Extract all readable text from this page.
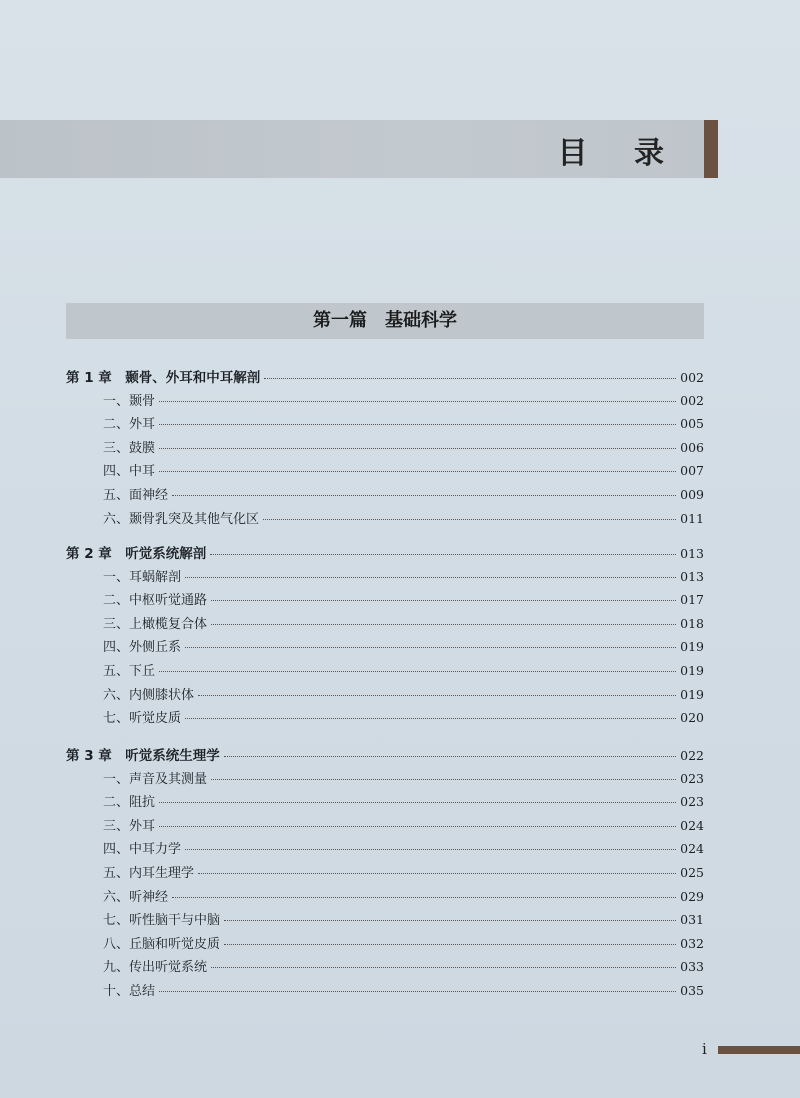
目 录
第一篇　基础科学
第 1 章　颞骨、外耳和中耳解剖	002
一、颞骨	002
二、外耳	005
三、鼓膜	006
四、中耳	007
五、面神经	009
六、颞骨乳突及其他气化区	011
第 2 章　听觉系统解剖	013
一、耳蜗解剖	013
二、中枢听觉通路	017
三、上橄榄复合体	018
四、外侧丘系	019
五、下丘	019
六、内侧膝状体	019
七、听觉皮质	020
第 3 章　听觉系统生理学	022
一、声音及其测量	023
二、阻抗	023
三、外耳	024
四、中耳力学	024
五、内耳生理学	025
六、听神经	029
七、听性脑干与中脑	031
八、丘脑和听觉皮质	032
九、传出听觉系统	033
十、总结	035
i
